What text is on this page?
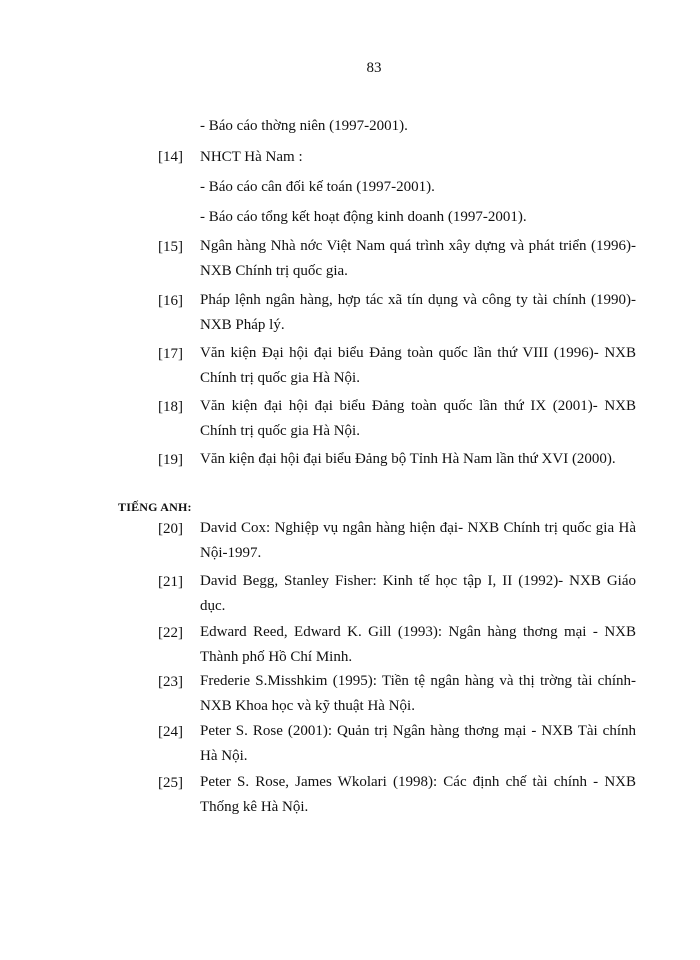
83
- Báo cáo thờng niên (1997-2001).
[14] NHCT Hà Nam :
- Báo cáo cân đối kế toán (1997-2001).
- Báo cáo tổng kết hoạt động kinh doanh (1997-2001).
[15] Ngân hàng Nhà nớc Việt Nam quá trình xây dựng và phát triển (1996)- NXB Chính trị quốc gia.
[16] Pháp lệnh ngân hàng, hợp tác xã tín dụng và công ty tài chính (1990)- NXB Pháp lý.
[17] Văn kiện Đại hội đại biểu Đảng toàn quốc lần thứ VIII (1996)- NXB Chính trị quốc gia Hà Nội.
[18] Văn kiện đại hội đại biểu Đảng toàn quốc lần thứ IX (2001)- NXB Chính trị quốc gia Hà Nội.
[19] Văn kiện đại hội đại biểu Đảng bộ Tỉnh Hà Nam lần thứ XVI (2000).
TIẾNG ANH:
[20] David Cox: Nghiệp vụ ngân hàng hiện đại- NXB Chính trị quốc gia Hà Nội-1997.
[21] David Begg, Stanley Fisher: Kinh tế học tập I, II (1992)- NXB Giáo dục.
[22] Edward Reed, Edward K. Gill (1993): Ngân hàng thơng mại - NXB Thành phố Hồ Chí Minh.
[23] Frederie S.Misshkim (1995): Tiền tệ ngân hàng và thị trờng tài chính- NXB Khoa học và kỹ thuật Hà Nội.
[24] Peter S. Rose (2001): Quản trị Ngân hàng thơng mại - NXB Tài chính Hà Nội.
[25] Peter S. Rose, James Wkolari (1998): Các định chế tài chính - NXB Thống kê Hà Nội.
